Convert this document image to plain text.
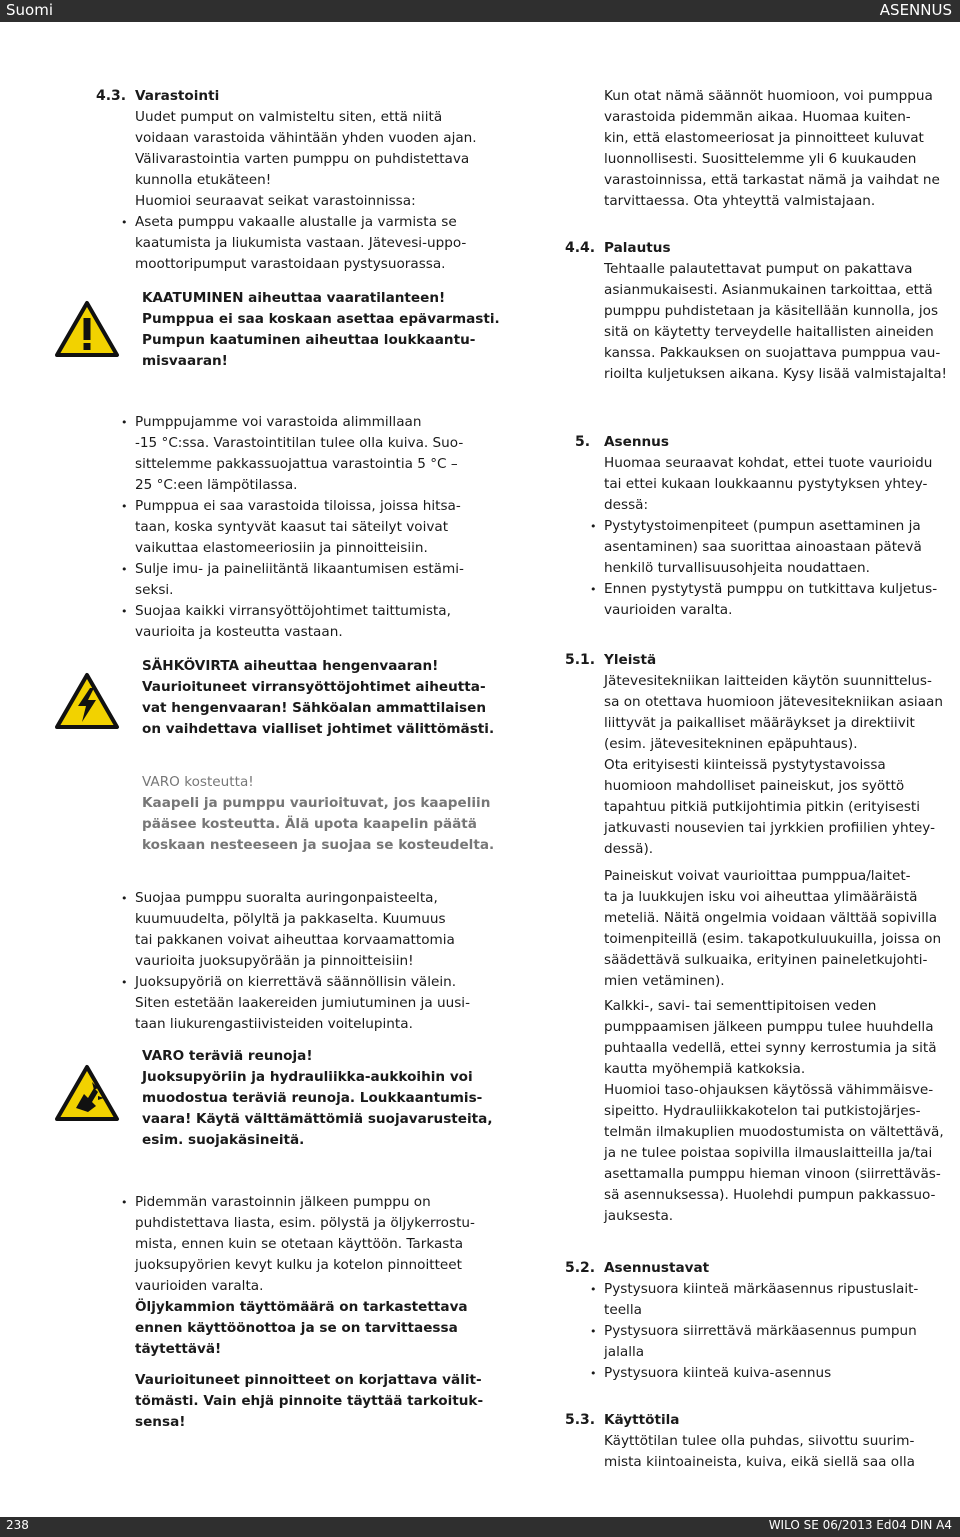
Suomi	ASENNUS
4.3. Varastointi

Uudet pumput on valmisteltu siten, että niitä

voidaan varastoida vähintään yhden vuoden ajan.

Välivarastointia varten pumppu on puhdistettava

kunnolla etukäteen!

Huomioi seuraavat seikat varastoinnissa:

• Aseta pumppu vakaalle alustalle ja varmista se

kaatumista ja liukumista vastaan. Jätevesi-uppo-

moottoripumput varastoidaan pystysuorassa.

KAATUMINEN aiheuttaa vaaratilanteen!

Pumppua ei saa koskaan asettaa epävarmasti.

Pumpun kaatuminen aiheuttaa loukkaantu-

misvaaran!

• Pumppujamme voi varastoida alimmillaan

-15 °C:ssa. Varastointitilan tulee olla kuiva. Suo-

sittelemme pakkassuojattua varastointia 5 °C –

25 °C:een lämpötilassa.

• Pumppua ei saa varastoida tiloissa, joissa hitsa-

taan, koska syntyvät kaasut tai säteilyt voivat

vaikuttaa elastomeeriosiin ja pinnoitteisiin.

• Sulje imu- ja paineliitäntä likaantumisen estämi-

seksi.

• Suojaa kaikki virransyöttöjohtimet taittumista,

vaurioita ja kosteutta vastaan.

SÄHKÖVIRTA aiheuttaa hengenvaaran!

Vaurioituneet virransyöttöjohtimet aiheutta-

vat hengenvaaran! Sähköalan ammattilaisen

on vaihdettava vialliset johtimet välittömästi.

VARO kosteutta!

Kaapeli ja pumppu vaurioituvat, jos kaapeliin

pääsee kosteutta. Älä upota kaapelin päätä

koskaan nesteeseen ja suojaa se kosteudelta.

• Suojaa pumppu suoralta auringonpaisteelta,

kuumuudelta, pölyltä ja pakkaselta. Kuumuus

tai pakkanen voivat aiheuttaa korvaamattomia

vaurioita juoksupyörään ja pinnoitteisiin!

• Juoksupyöriä on kierrettävä säännöllisin välein.

Siten estetään laakereiden jumiutuminen ja uusi-

taan liukurengastiivisteiden voitelupinta.

VARO teräviä reunoja!

Juoksupyöriin ja hydrauliikka-aukkoihin voi

muodostua teräviä reunoja. Loukkaantumis-

vaara! Käytä välttämättömiä suojavarusteita,

esim. suojakäsineitä.

• Pidemmän varastoinnin jälkeen pumppu on

puhdistettava liasta, esim. pölystä ja öljykerrostu-

mista, ennen kuin se otetaan käyttöön. Tarkasta

juoksupyörien kevyt kulku ja kotelon pinnoitteet

vaurioiden varalta.

Öljykammion täyttömäärä on tarkastettava

ennen käyttöönottoa ja se on tarvittaessa

täytettävä!

Vaurioituneet pinnoitteet on korjattava välit-

tömästi. Vain ehjä pinnoite täyttää tarkoituk-

sensa!

Kun otat nämä säännöt huomioon, voi pumppua

varastoida pidemmän aikaa. Huomaa kuiten-

kin, että elastomeeriosat ja pinnoitteet kuluvat

luonnollisesti. Suosittelemme yli 6 kuukauden

varastoinnissa, että tarkastat nämä ja vaihdat ne

tarvittaessa. Ota yhteyttä valmistajaan.

4.4. Palautus

Tehtaalle palautettavat pumput on pakattava

asianmukaisesti. Asianmukainen tarkoittaa, että

pumppu puhdistetaan ja käsitellään kunnolla, jos

sitä on käytetty terveydelle haitallisten aineiden

kanssa. Pakkauksen on suojattava pumppua vau-

rioilta kuljetuksen aikana. Kysy lisää valmistajalta!

5. Asennus

Huomaa seuraavat kohdat, ettei tuote vaurioidu

tai ettei kukaan loukkaannu pystytyksen yhtey-

dessä:

• Pystytystoimenpiteet (pumpun asettaminen ja

asentaminen) saa suorittaa ainoastaan pätevä

henkilö turvallisuusohjeita noudattaen.

• Ennen pystytystä pumppu on tutkittava kuljetus-

vaurioiden varalta.

5.1. Yleistä

Jätevesitekniikan laitteiden käytön suunnittelus-

sa on otettava huomioon jätevesitekniikan asiaan

liittyvät ja paikalliset määräykset ja direktiivit

(esim. jätevesitekninen epäpuhtaus).

Ota erityisesti kiinteissä pystytystavoissa

huomioon mahdolliset paineiskut, jos syöttö

tapahtuu pitkiä putkijohtimia pitkin (erityisesti

jatkuvasti nousevien tai jyrkkien profiilien yhtey-

dessä).

Paineiskut voivat vaurioittaa pumppua/laitet-

ta ja luukkujen isku voi aiheuttaa ylimääräistä

meteliä. Näitä ongelmia voidaan välttää sopivilla

toimenpiteillä (esim. takapotkuluukuilla, joissa on

säädettävä sulkuaika, erityinen paineletkujohti-

mien vetäminen).

Kalkki-, savi- tai sementtipitoisen veden

pumppaamisen jälkeen pumppu tulee huuhdella

puhtaalla vedellä, ettei synny kerrostumia ja sitä

kautta myöhempiä katkoksia.

Huomioi taso-ohjauksen käytössä vähimmäisve-

sipeitto. Hydrauliikkakotelon tai putkistojärjes-

telmän ilmakuplien muodostumista on vältettävä,

ja ne tulee poistaa sopivilla ilmauslaitteilla ja/tai

asettamalla pumppu hieman vinoon (siirrettäväs-

sä asennuksessa). Huolehdi pumpun pakkassuo-

jauksesta.

5.2. Asennustavat

• Pystysuora kiinteä märkäasennus ripustuslait-

teella

• Pystysuora siirrettävä märkäasennus pumpun

jalalla

• Pystysuora kiinteä kuiva-asennus

5.3. Käyttötila

Käyttötilan tulee olla puhdas, siivottu suurim-

mista kiintoaineista, kuiva, eikä siellä saa olla

238	WILO SE 06/2013 Ed04 DIN A4
